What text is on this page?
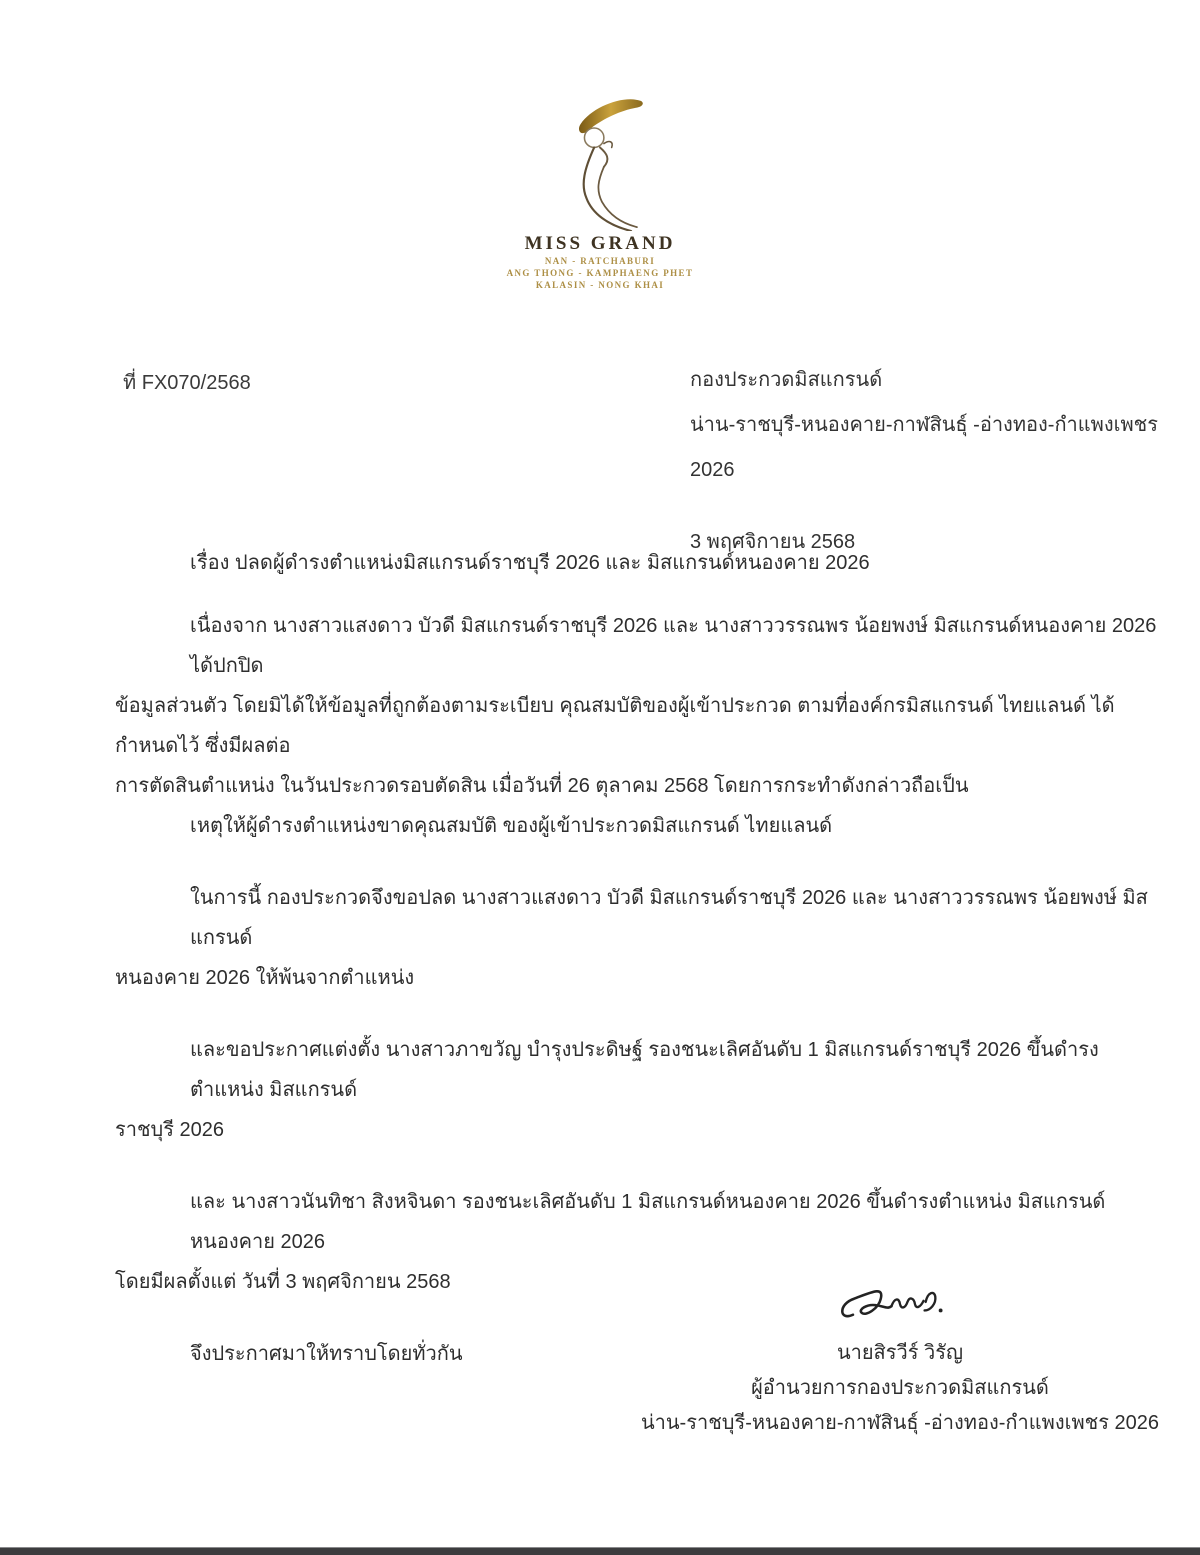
MISS GRAND
NAN - RATCHABURI
ANG THONG - KAMPHAENG PHET
KALASIN - NONG KHAI
ที่ FX070/2568	กองประกวดมิสแกรนด์
น่าน-ราชบุรี-หนองคาย-กาฬสินธุ์ -อ่างทอง-กำแพงเพชร 2026
3 พฤศจิกายน 2568
เรื่อง ปลดผู้ดำรงตำแหน่งมิสแกรนด์ราชบุรี 2026 และ มิสแกรนด์หนองคาย 2026

เนื่องจาก นางสาวแสงดาว บัวดี มิสแกรนด์ราชบุรี 2026 และ นางสาววรรณพร น้อยพงษ์ มิสแกรนด์หนองคาย 2026 ได้ปกปิด

ข้อมูลส่วนตัว โดยมิได้ให้ข้อมูลที่ถูกต้องตามระเบียบ คุณสมบัติของผู้เข้าประกวด ตามที่องค์กรมิสแกรนด์ ไทยแลนด์ ได้กำหนดไว้ ซึ่งมีผลต่อ

การตัดสินตำแหน่ง ในวันประกวดรอบตัดสิน เมื่อวันที่ 26 ตุลาคม 2568 โดยการกระทำดังกล่าวถือเป็น

เหตุให้ผู้ดำรงตำแหน่งขาดคุณสมบัติ ของผู้เข้าประกวดมิสแกรนด์ ไทยแลนด์

ในการนี้ กองประกวดจึงขอปลด นางสาวแสงดาว บัวดี มิสแกรนด์ราชบุรี 2026 และ นางสาววรรณพร น้อยพงษ์ มิสแกรนด์

หนองคาย 2026 ให้พ้นจากตำแหน่ง

และขอประกาศแต่งตั้ง นางสาวภาขวัญ บำรุงประดิษฐ์ รองชนะเลิศอันดับ 1 มิสแกรนด์ราชบุรี 2026 ขึ้นดำรงตำแหน่ง มิสแกรนด์

ราชบุรี 2026

และ นางสาวนันทิชา สิงหจินดา รองชนะเลิศอันดับ 1 มิสแกรนด์หนองคาย 2026 ขึ้นดำรงตำแหน่ง มิสแกรนด์หนองคาย 2026

โดยมีผลตั้งแต่ วันที่ 3 พฤศจิกายน 2568

จึงประกาศมาให้ทราบโดยทั่วกัน	นายสิรวีร์ วิรัญ
ผู้อำนวยการกองประกวดมิสแกรนด์
น่าน-ราชบุรี-หนองคาย-กาฬสินธุ์ -อ่างทอง-กำแพงเพชร 2026
